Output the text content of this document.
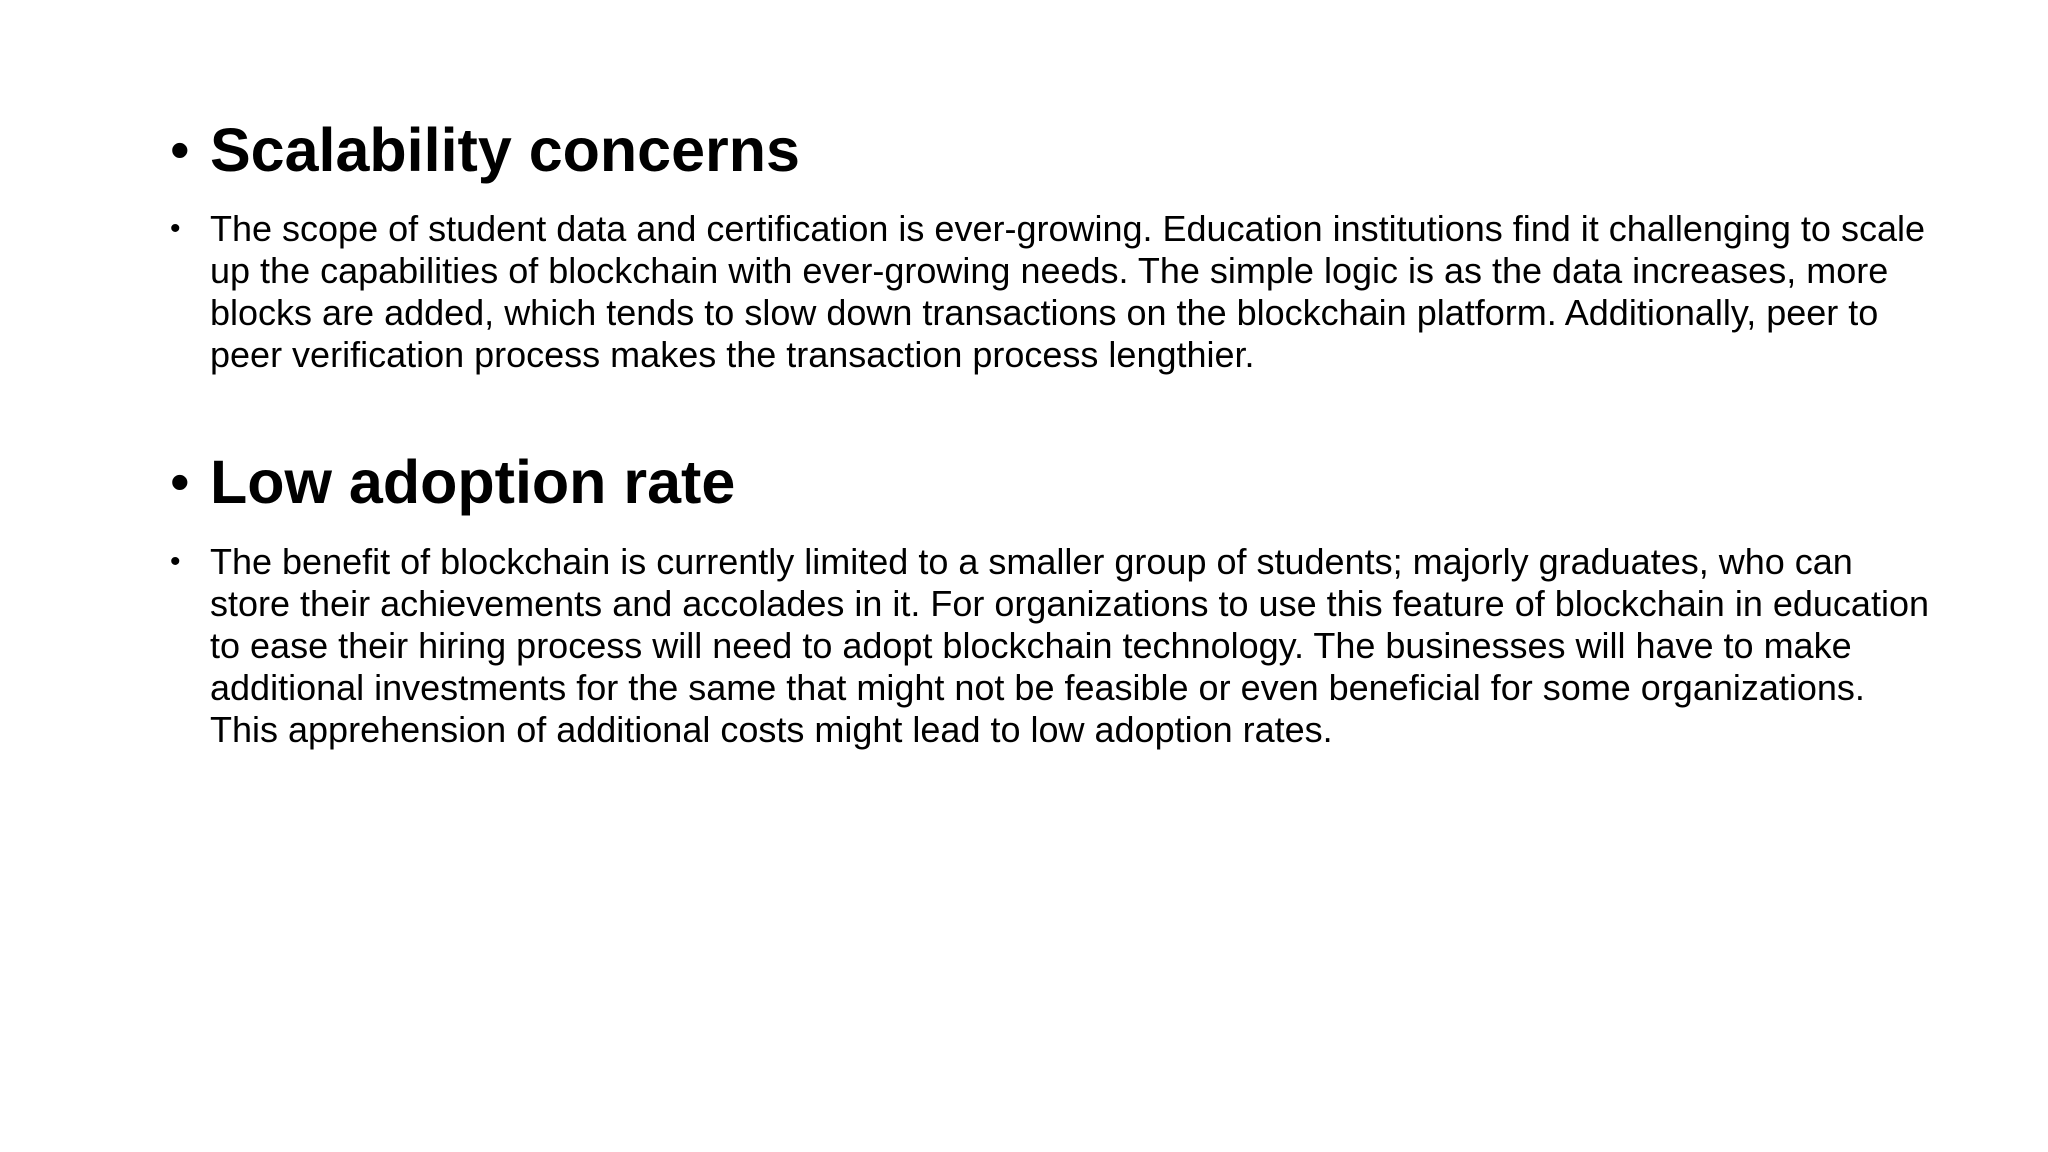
• Scalability concerns
• The scope of student data and certification is ever-growing. Education institutions find it challenging to scale up the capabilities of blockchain with ever-growing needs. The simple logic is as the data increases, more blocks are added, which tends to slow down transactions on the blockchain platform. Additionally, peer to peer verification process makes the transaction process lengthier.
• Low adoption rate
• The benefit of blockchain is currently limited to a smaller group of students; majorly graduates, who can store their achievements and accolades in it. For organizations to use this feature of blockchain in education to ease their hiring process will need to adopt blockchain technology. The businesses will have to make additional investments for the same that might not be feasible or even beneficial for some organizations. This apprehension of additional costs might lead to low adoption rates.
